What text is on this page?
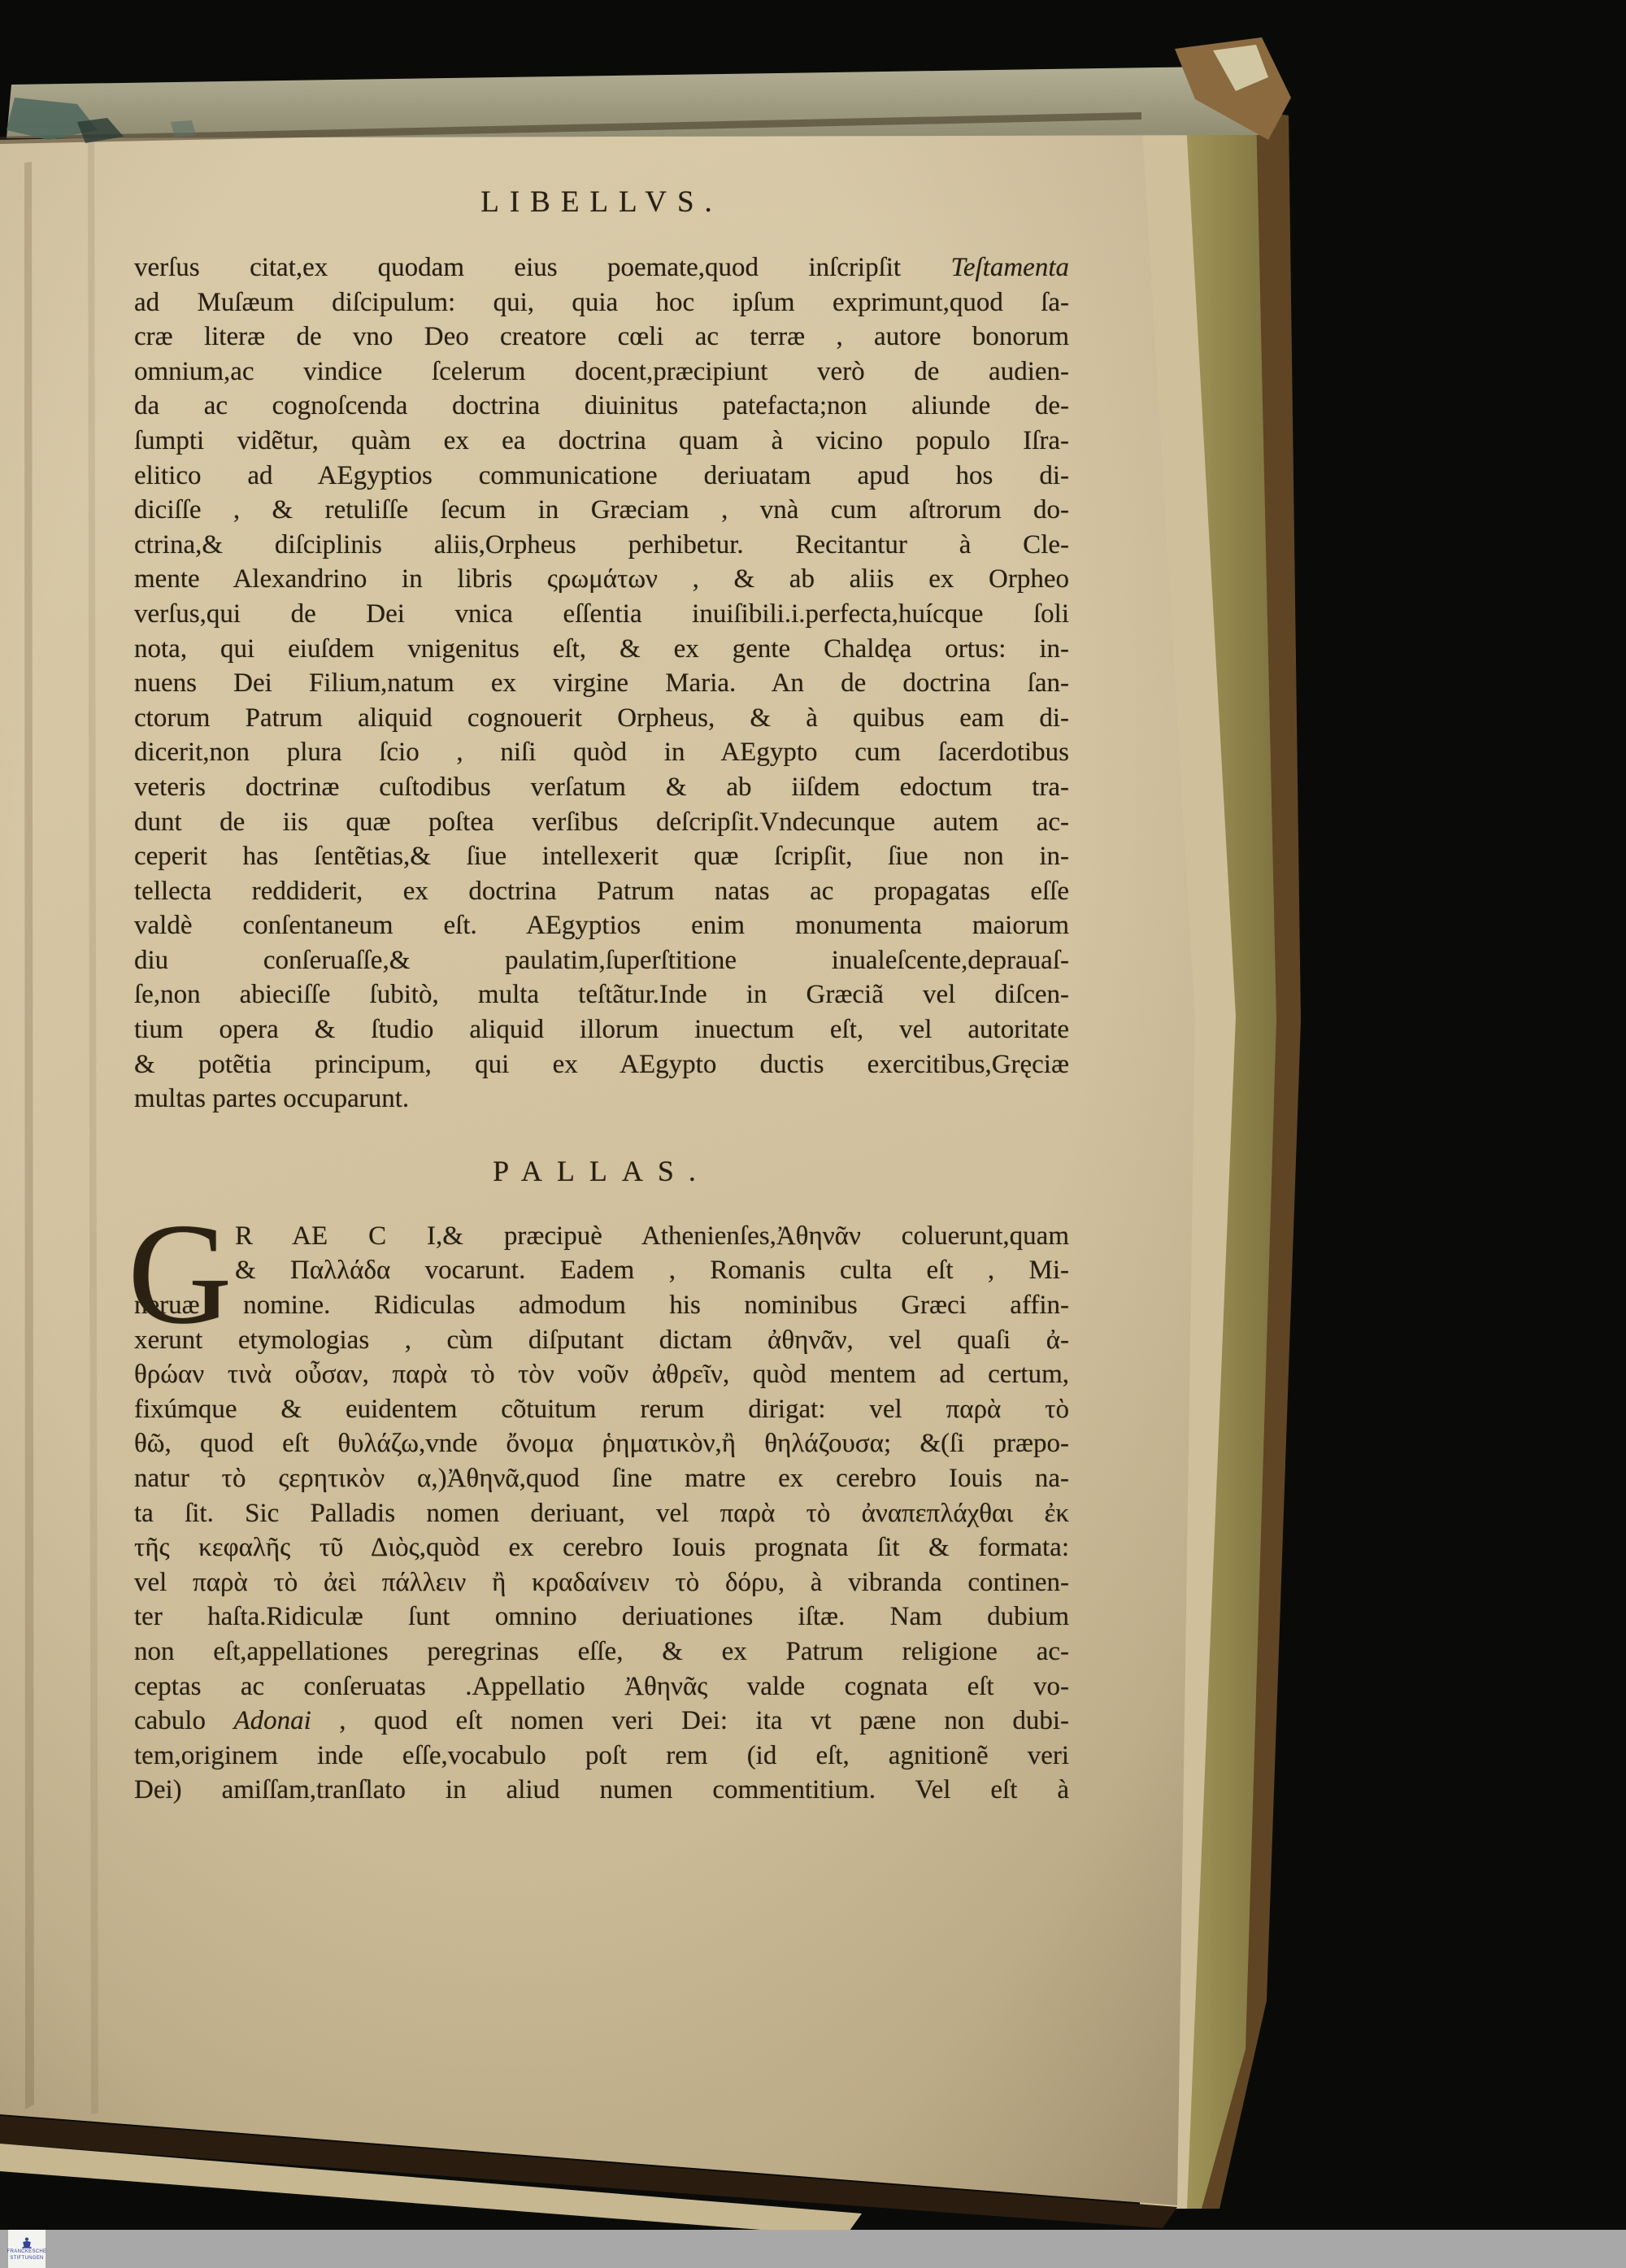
LIBELLVS.
verſus citat,ex quodam eius poemate,quod inſcripſit Teſtamenta
ad Muſæum diſcipulum: qui, quia hoc ipſum exprimunt,quod ſa-
cræ literæ de vno Deo creatore cœli ac terræ , autore bonorum
omnium,ac vindice ſcelerum docent,præcipiunt verò de audien-
da ac cognoſcenda doctrina diuinitus patefacta;non aliunde de-
ſumpti vidẽtur, quàm ex ea doctrina quam à vicino populo Iſra-
elitico ad AEgyptios communicatione deriuatam apud hos di-
diciſſe , & retuliſſe ſecum in Græciam , vnà cum aſtrorum do-
ctrina,& diſciplinis aliis,Orpheus perhibetur. Recitantur à Cle-
mente Alexandrino in libris ςρωμάτων , & ab aliis ex Orpheo
verſus,qui de Dei vnica eſſentia inuiſibili.i.perfecta,huícque ſoli
nota, qui eiuſdem vnigenitus eſt, & ex gente Chaldęa ortus: in-
nuens Dei Filium,natum ex virgine Maria. An de doctrina ſan-
ctorum Patrum aliquid cognouerit Orpheus, & à quibus eam di-
dicerit,non plura ſcio , niſi quòd in AEgypto cum ſacerdotibus
veteris doctrinæ cuſtodibus verſatum & ab iiſdem edoctum tra-
dunt de iis quæ poſtea verſibus deſcripſit.Vndecunque autem ac-
ceperit has ſentẽtias,& ſiue intellexerit quæ ſcripſit, ſiue non in-
tellecta reddiderit, ex doctrina Patrum natas ac propagatas eſſe
valdè conſentaneum eſt. AEgyptios enim monumenta maiorum
diu conſeruaſſe,& paulatim,ſuperſtitione inualeſcente,deprauaſ-
ſe,non abieciſſe ſubitò, multa teſtãtur.Inde in Græciã vel diſcen-
tium opera & ſtudio aliquid illorum inuectum eſt, vel autoritate
& potẽtia principum, qui ex AEgypto ductis exercitibus,Gręciæ
multas partes occuparunt.
PALLAS.
G R AE C I,& præcipuè Athenienſes,Ἀθηνᾶν coluerunt,quam
& Παλλάδα vocarunt. Eadem , Romanis culta eſt , Mi-
neruæ nomine. Ridiculas admodum his nominibus Græci affin-
xerunt etymologias , cùm diſputant dictam ἀθηνᾶν, vel quaſi ἀ-
θρώαν τινὰ οὖσαν, παρὰ τὸ τὸν νοῦν ἀθρεῖν, quòd mentem ad certum,
fixúmque & euidentem cõtuitum rerum dirigat: vel παρὰ τὸ
θῶ, quod eſt θυλάζω,vnde ὄνομα ῥηματικὸν,ἢ θηλάζουσα; &(ſi præpo-
natur τὸ ςερητικὸν α,)Ἀθηνᾶ,quod ſine matre ex cerebro Iouis na-
ta ſit. Sic Palladis nomen deriuant, vel παρὰ τὸ ἀναπεπλάχθαι ἐκ
τῆς κεφαλῆς τῦ Διὸς,quòd ex cerebro Iouis prognata ſit & formata:
vel παρὰ τὸ ἀεὶ πάλλειν ἢ κραδαίνειν τὸ δόρυ, à vibranda continen-
ter haſta.Ridiculæ ſunt omnino deriuationes iſtæ. Nam dubium
non eſt,appellationes peregrinas eſſe, & ex Patrum religione ac-
ceptas ac conſeruatas .Appellatio Ἀθηνᾶς valde cognata eſt vo-
cabulo Adonai , quod eſt nomen veri Dei: ita vt pæne non dubi-
tem,originem inde eſſe,vocabulo poſt rem (id eſt, agnitionẽ veri
Dei) amiſſam,tranſlato in aliud numen commentitium. Vel eſt à
FRANCKESCHE
STIFTUNGEN
